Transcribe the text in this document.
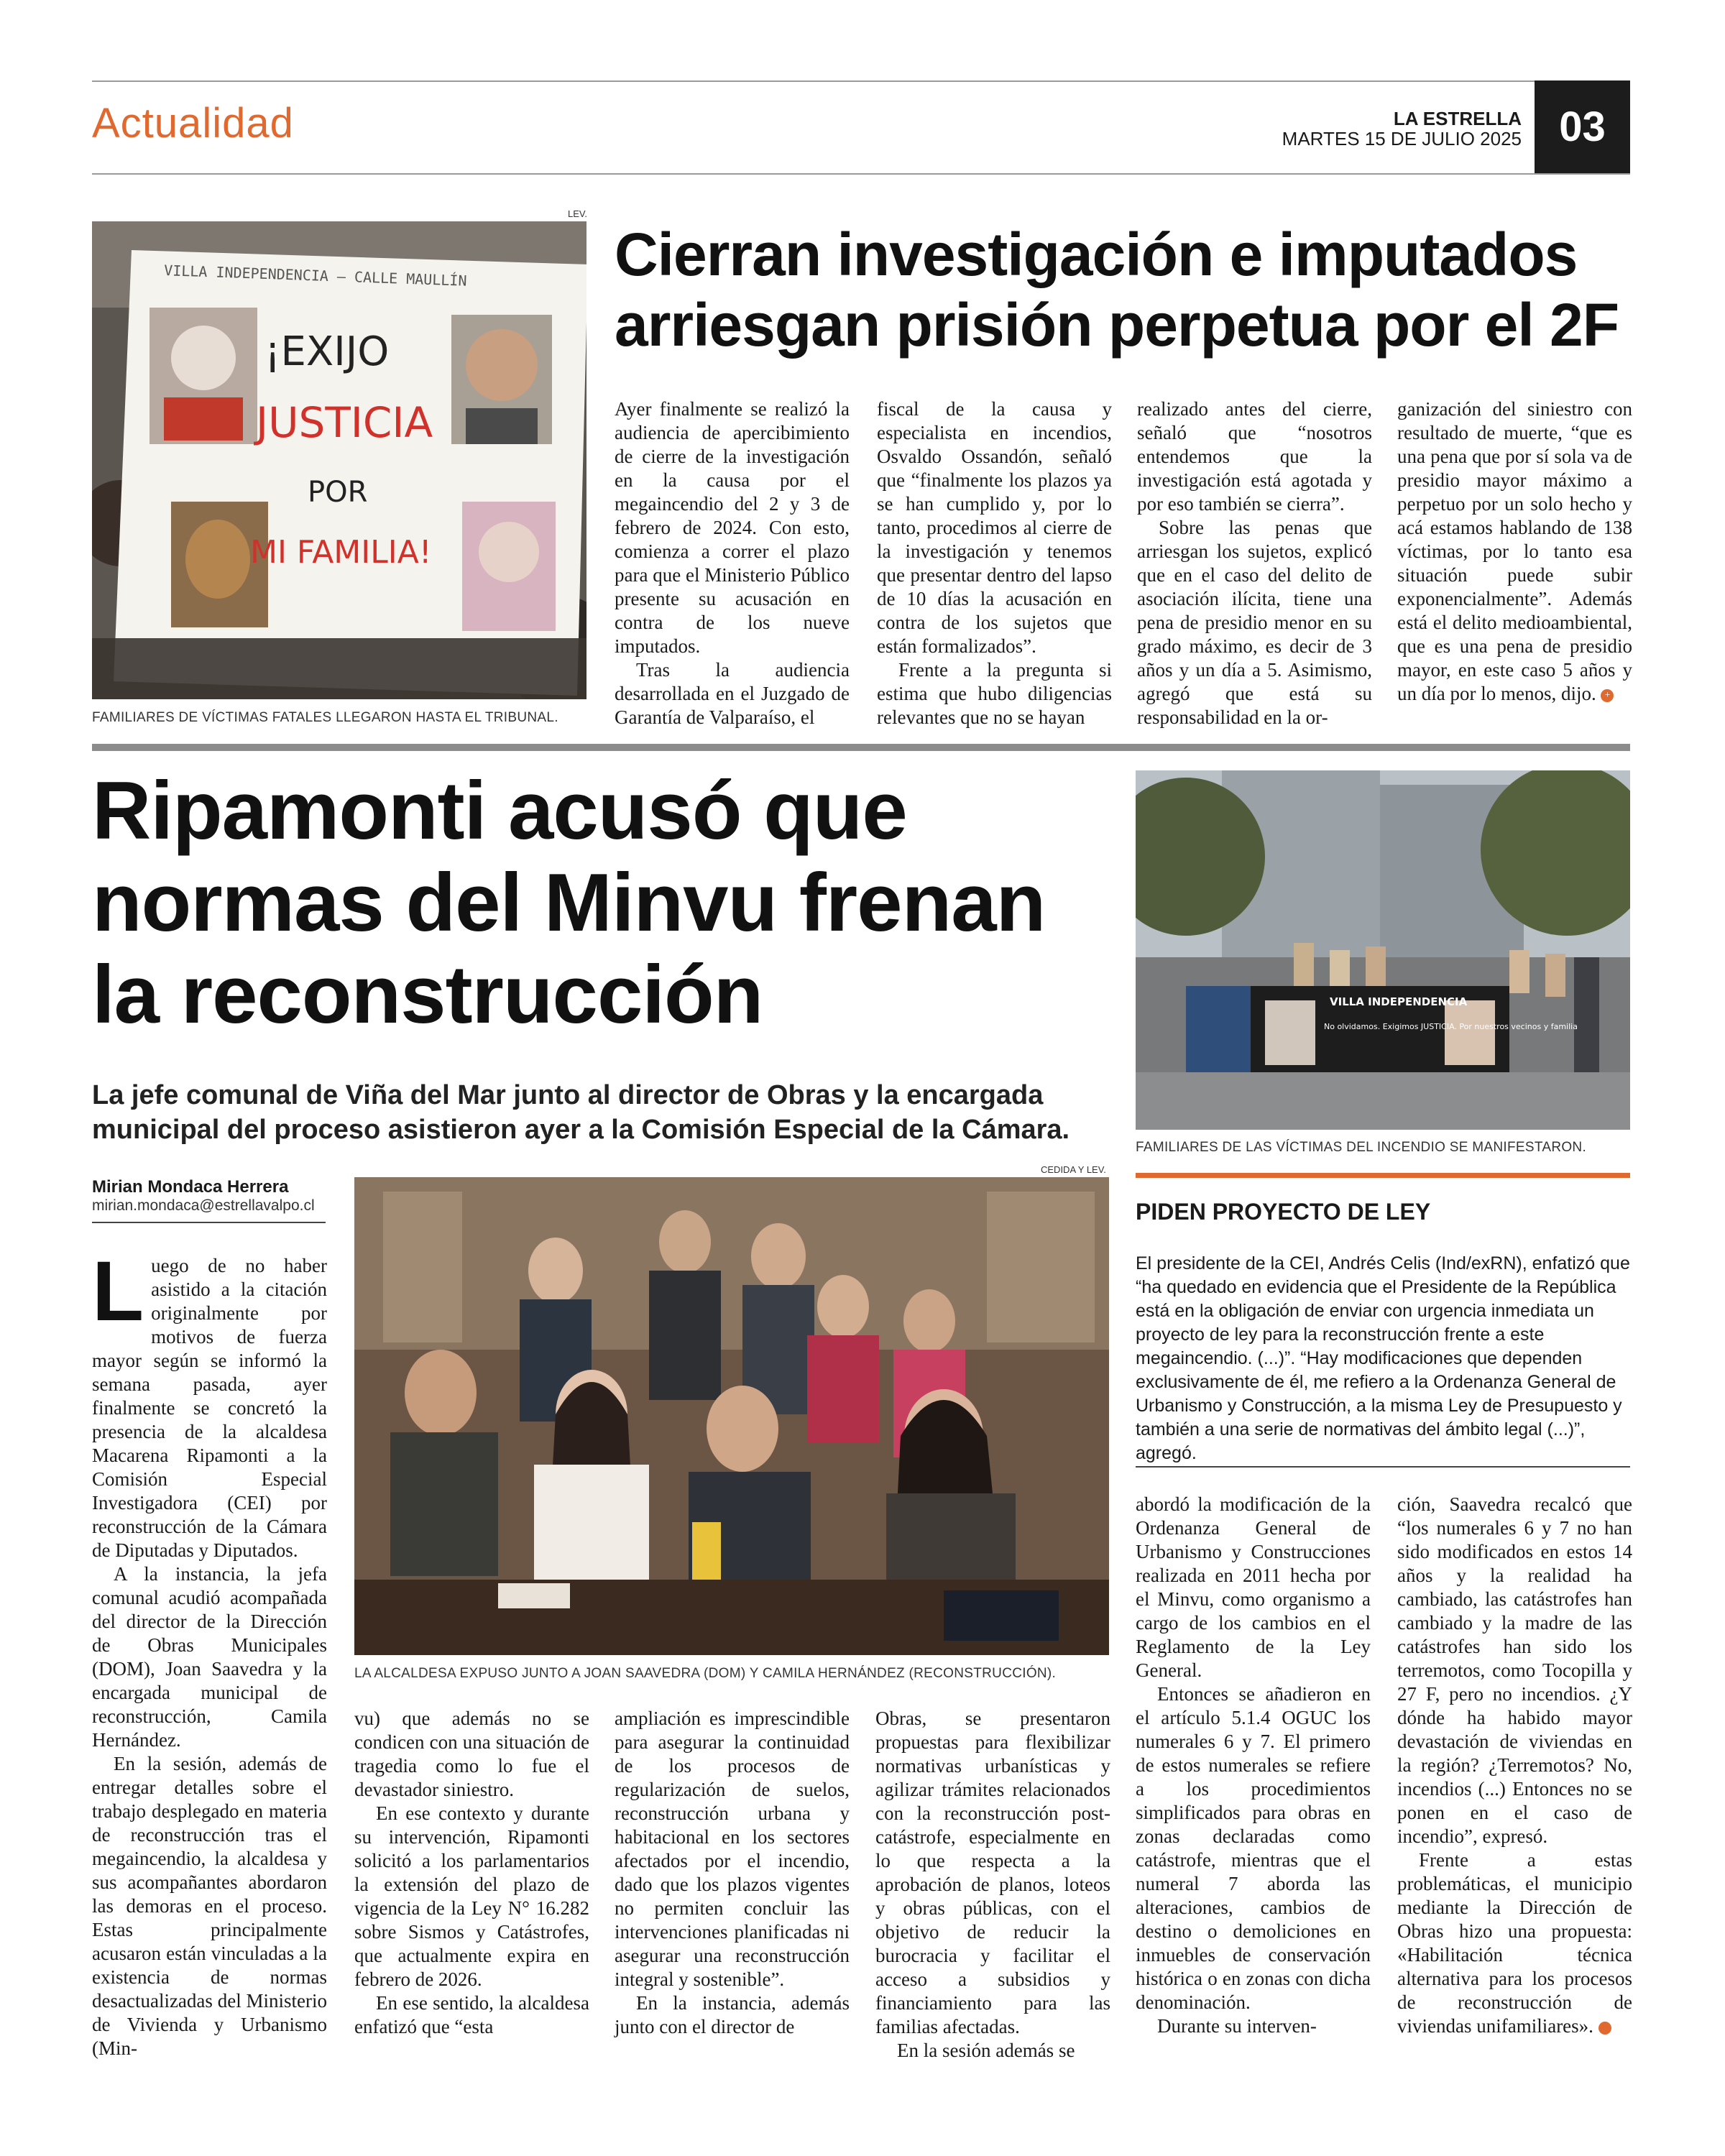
Actualidad	LA ESTRELLA
MARTES 15 DE JULIO 2025 03
VILLA INDEPENDENCIA – CALLE MAULLÍN
¡EXIJO
JUSTICIA
POR
MI FAMILIA!
LEV.
FAMILIARES DE VÍCTIMAS FATALES LLEGARON HASTA EL TRIBUNAL.
Cierran investigación e imputados arriesgan prisión perpetua por el 2F

Ayer finalmente se realizó la audiencia de apercibimiento de cierre de la investigación en la causa por el megaincendio del 2 y 3 de febrero de 2024. Con esto, comienza a correr el plazo para que el Ministerio Público presente su acusación en contra de los nueve imputados.

Tras la audiencia desarrollada en el Juzgado de Garantía de Valparaíso, el

fiscal de la causa y especialista en incendios, Osvaldo Ossandón, señaló que “finalmente los plazos ya se han cumplido y, por lo tanto, procedimos al cierre de la investigación y tenemos que presentar dentro del lapso de 10 días la acusación en contra de los sujetos que están formalizados”.

Frente a la pregunta si estima que hubo diligencias relevantes que no se hayan

realizado antes del cierre, señaló que “nosotros entendemos que la investigación está agotada y por eso también se cierra”.

Sobre las penas que arriesgan los sujetos, explicó que en el caso del delito de asociación ilícita, tiene una pena de presidio menor en su grado máximo, es decir de 3 años y un día a 5. Asimismo, agregó que está su responsabilidad en la or-

ganización del siniestro con resultado de muerte, “que es una pena que por sí sola va de presidio mayor máximo a perpetuo por un solo hecho y acá estamos hablando de 138 víctimas, por lo tanto esa situación puede subir exponencialmente”. Además está el delito medioambiental, que es una pena de presidio mayor, en este caso 5 años y un día por lo menos, dijo. +

Ripamonti acusó que normas del Minvu frenan la reconstrucción
La jefe comunal de Viña del Mar junto al director de Obras y la encargada municipal del proceso asistieron ayer a la Comisión Especial de la Cámara.
Mirian Mondaca Herrera
mirian.mondaca@estrellavalpo.cl
CEDIDA Y LEV.
LA ALCALDESA EXPUSO JUNTO A JOAN SAAVEDRA (DOM) Y CAMILA HERNÁNDEZ (RECONSTRUCCIÓN).

Luego de no haber asistido a la citación originalmente por motivos de fuerza mayor según se informó la semana pasada, ayer finalmente se concretó la presencia de la alcaldesa Macarena Ripamonti a la Comisión Especial Investigadora (CEI) por reconstrucción de la Cámara de Diputadas y Diputados.

A la instancia, la jefa comunal acudió acompañada del director de la Dirección de Obras Municipales (DOM), Joan Saavedra y la encargada municipal de reconstrucción, Camila Hernández.

En la sesión, además de entregar detalles sobre el trabajo desplegado en materia de reconstrucción tras el megaincendio, la alcaldesa y sus acompañantes abordaron las demoras en el proceso. Estas principalmente acusaron están vinculadas a la existencia de normas desactualizadas del Ministerio de Vivienda y Urbanismo (Min-

vu) que además no se condicen con una situación de tragedia como lo fue el devastador siniestro.

En ese contexto y durante su intervención, Ripamonti solicitó a los parlamentarios la extensión del plazo de vigencia de la Ley N° 16.282 sobre Sismos y Catástrofes, que actualmente expira en febrero de 2026.

En ese sentido, la alcaldesa enfatizó que “esta

ampliación es imprescindible para asegurar la continuidad de los procesos de regularización de suelos, reconstrucción urbana y habitacional en los sectores afectados por el incendio, dado que los plazos vigentes no permiten concluir las intervenciones planificadas ni asegurar una reconstrucción integral y sostenible”.

En la instancia, además junto con el director de

Obras, se presentaron propuestas para flexibilizar normativas urbanísticas y agilizar trámites relacionados con la reconstrucción post-catástrofe, especialmente en lo que respecta a la aprobación de planos, loteos y obras públicas, con el objetivo de reducir la burocracia y facilitar el acceso a subsidios y financiamiento para las familias afectadas.

En la sesión además se

VILLA INDEPENDENCIA
No olvidamos. Exigimos JUSTICIA. Por nuestros vecinos y familia
FAMILIARES DE LAS VÍCTIMAS DEL INCENDIO SE MANIFESTARON.
PIDEN PROYECTO DE LEY
El presidente de la CEI, Andrés Celis (Ind/exRN), enfatizó que “ha quedado en evidencia que el Presidente de la República está en la obligación de enviar con urgencia inmediata un proyecto de ley para la reconstrucción frente a este megaincendio. (...)”. “Hay modificaciones que dependen exclusivamente de él, me refiero a la Ordenanza General de Urbanismo y Construcción, a la misma Ley de Presupuesto y también a una serie de normativas del ámbito legal (...)”, agregó.

abordó la modificación de la Ordenanza General de Urbanismo y Construcciones realizada en 2011 hecha por el Minvu, como organismo a cargo de los cambios en el Reglamento de la Ley General.

Entonces se añadieron en el artículo 5.1.4 OGUC los numerales 6 y 7. El primero de estos numerales se refiere a los procedimientos simplificados para obras en zonas declaradas como catástrofe, mientras que el numeral 7 aborda las alteraciones, cambios de destino o demoliciones en inmuebles de conservación histórica o en zonas con dicha denominación.

Durante su interven-

ción, Saavedra recalcó que “los numerales 6 y 7 no han sido modificados en estos 14 años y la realidad ha cambiado, las catástrofes han cambiado y la madre de las catástrofes han sido los terremotos, como Tocopilla y 27 F, pero no incendios. ¿Y dónde ha habido mayor devastación de viviendas en la región? ¿Terremotos? No, incendios (...) Entonces no se ponen en el caso de incendio”, expresó.

Frente a estas problemáticas, el municipio mediante la Dirección de Obras hizo una propuesta: «Habilitación técnica alternativa para los procesos de reconstrucción de viviendas unifamiliares».	+
